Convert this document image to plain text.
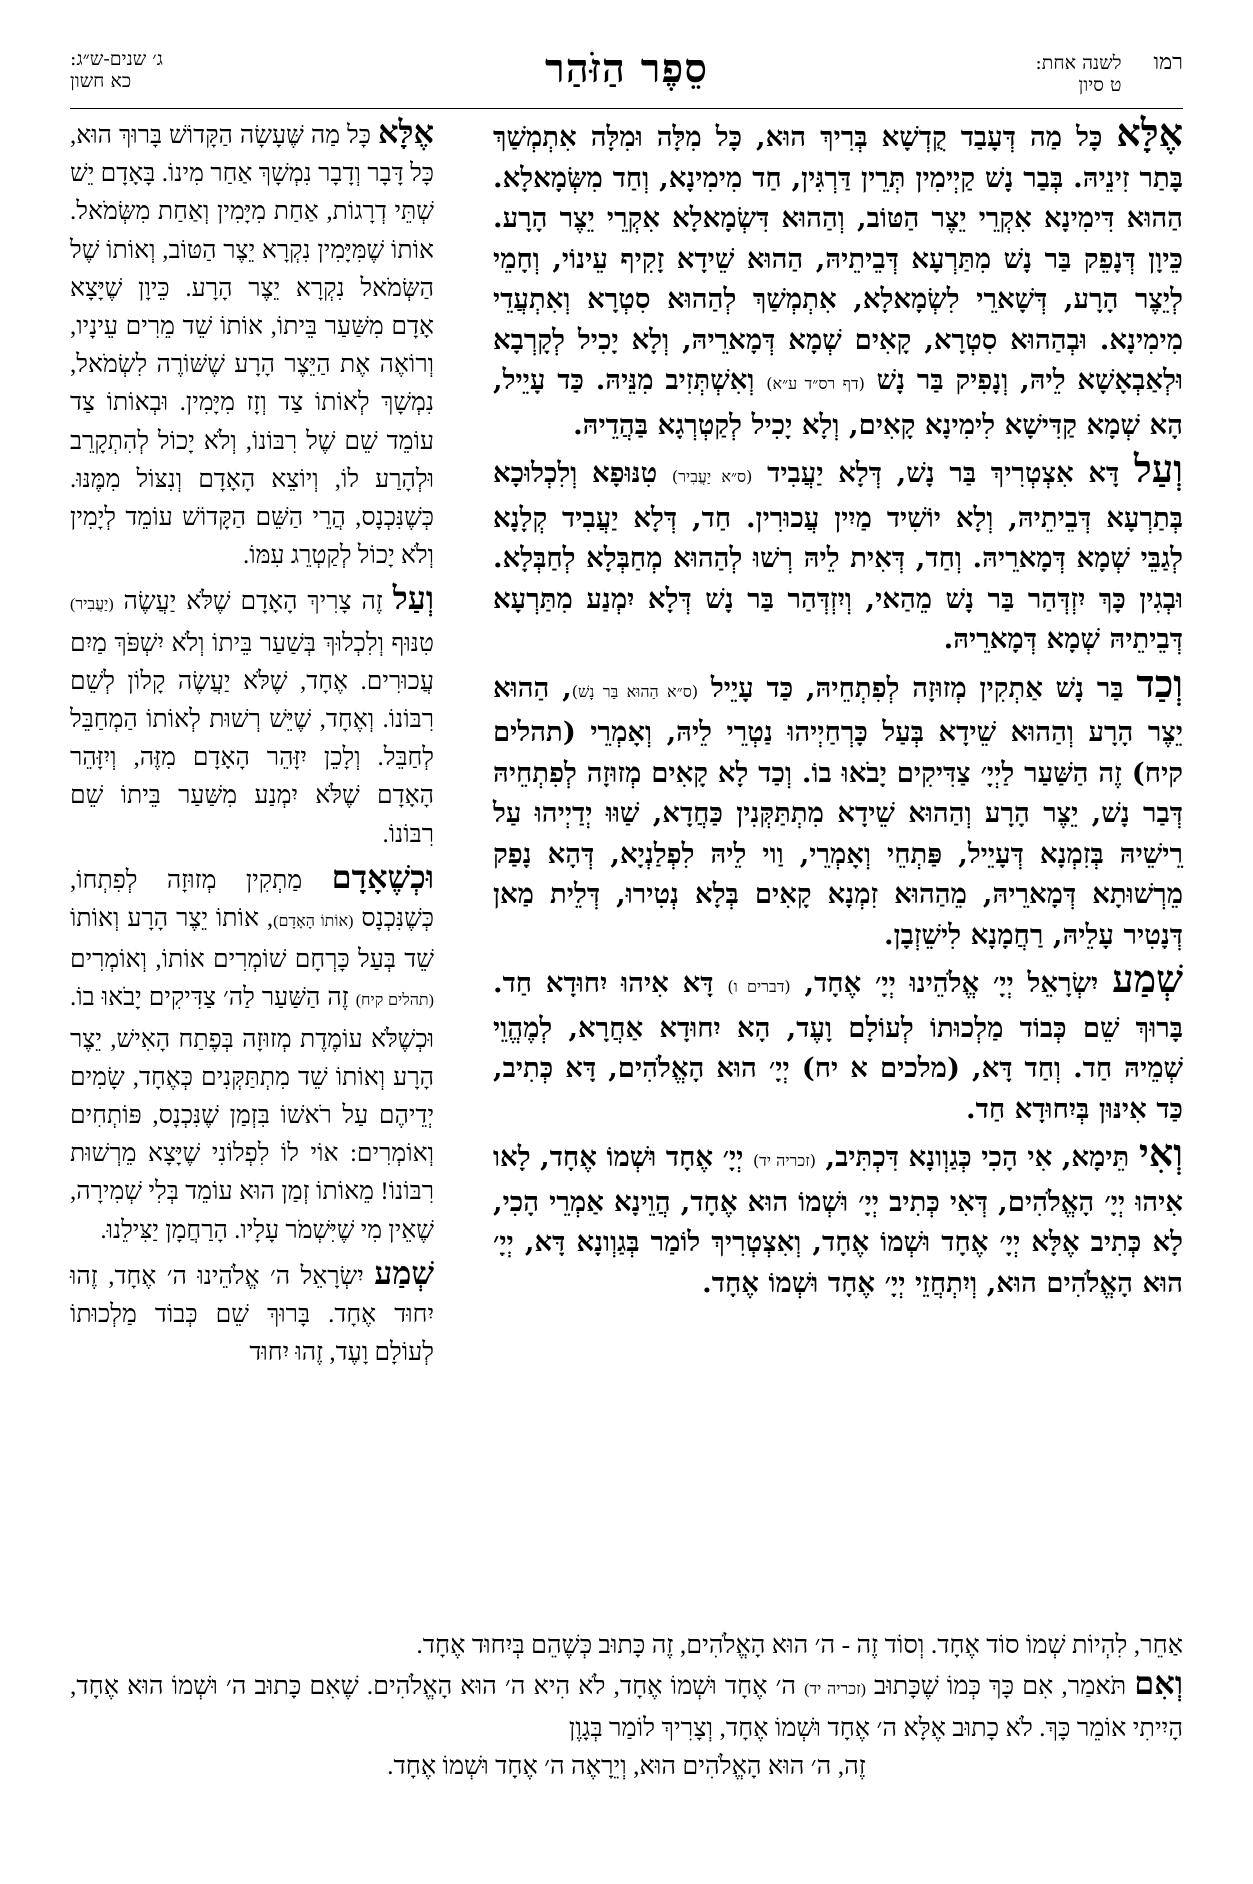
רמו
לשנה אחת:
ט סיון
סֵפֶר הַזֹּהַר
ג׳ שנים-ש״ג:
כא חשון

אֶלָּא כָּל מַה דְּעָבַד קֻדְשָׁא בְּרִיךְ הוּא, כָּל מִלָּה וּמִלָּה אִתְמְשַׁךְ בָּתַר זִינֵיהּ. בְּבַר נָשׁ קַיְימִין תְּרֵין דַּרְגִּין, חַד מִימִינָא, וְחַד מִשְּׂמָאלָא. הַהוּא דִּימִינָא אִקְרֵי יֵצֶר הַטּוֹב, וְהַהוּא דִּשְׂמָאלָא אִקְרֵי יֵצֶר הָרָע. כֵּיוָן דְּנָפֵק בַּר נָשׁ מִתַּרְעָא דְּבֵיתֵיהּ, הַהוּא שֵׁידָא זָקִיף עֵינוֹי, וְחָמֵי לְיֵצֶר הָרָע, דְּשָׁארֵי לִשְׂמָאלָא, אִתְמְשַׁךְ לְהַהוּא סִטְרָא וְאִתְעֲדֵי מִימִינָא. וּבְהַהוּא סִטְרָא, קָאִים שְׁמָא דְּמָארֵיהּ, וְלָא יָכִיל לְקָרְבָא וּלְאַבְאָשָׁא לֵיהּ, וְנָפִיק בַּר נָשׁ (דף רס״ד ע״א) וְאִשְׁתְּזִיב מִנֵּיהּ. כַּד עָיֵיל, הָא שְׁמָא קַדִּישָׁא לִימִינָא קָאִים, וְלָא יָכִיל לְקַטְרְגָא בַּהֲדֵיהּ.

וְעַל דָּא אִצְטְרִיךְ בַּר נָשׁ, דְּלָא יַעֲבִיד (ס״א יַעֲבִיר) טִנּוּפָא וְלִכְלוּכָא בְּתַרְעָא דְּבֵיתֵיהּ, וְלָא יוֹשִׁיד מַיִין עֲכוּרִין. חַד, דְּלָא יַעֲבִיד קְלָנָא לְגַבֵּי שְׁמָא דְּמָארֵיהּ. וְחַד, דְּאִית לֵיהּ רְשׁוּ לְהַהוּא מְחַבְּלָא לְחַבְּלָא. וּבְגִין כָּךְ יִזְדְּהַר בַּר נָשׁ מֵהַאי, וְיִזְדְּהַר בַּר נָשׁ דְּלָא יִמְנַע מִתַּרְעָא דְּבֵיתֵיהּ שְׁמָא דְּמָארֵיהּ.

וְכַד בַּר נָשׁ אַתְקִין מְזוּזָה לְפִתְחֵיהּ, כַּד עָיֵיל (ס״א הַהוּא בַּר נָשׁ), הַהוּא יֵצֶר הָרָע וְהַהוּא שֵׁידָא בְּעַל כָּרְחַיְיהוּ נַטְרֵי לֵיהּ, וְאָמְרֵי (תהלים קיח) זֶה הַשַּׁעַר לַיְיָ׳ צַדִּיקִים יָבֹאוּ בוֹ. וְכַד לָא קָאִים מְזוּזָה לְפִתְחֵיהּ דְּבַר נָשׁ, יֵצֶר הָרָע וְהַהוּא שֵׁידָא מִתְתַּקְּנִין כַּחֲדָא, שַׁוּוּ יְדַיְיהוּ עַל רֵישֵׁיהּ בְּזִמְנָא דְּעָיֵיל, פַּתְחֵי וְאָמְרֵי, וַוי לֵיהּ לִפְלַנְיָא, דְּהָא נָפַק מֵרְשׁוּתָא דְּמָארֵיהּ, מֵהַהוּא זִמְנָא קָאִים בְּלָא נְטִירוּ, דְּלֵית מַאן דְּנָטִיר עָלֵיהּ, רַחֲמָנָא לִישֵׁזְבָן.

שְׁמַע יִשְׂרָאֵל יְיָ׳ אֱלֹהֵינוּ יְיָ׳ אֶחָד, (דברים ו) דָּא אִיהוּ יִחוּדָא חַד. בָּרוּךְ שֵׁם כְּבוֹד מַלְכוּתוֹ לְעוֹלָם וָעֶד, הָא יִחוּדָא אַחֲרָא, לְמֶהֱוֵי שְׁמֵיהּ חַד. וְחַד דָּא, (מלכים א יח) יְיָ׳ הוּא הָאֱלֹהִים, דָּא כְּתִיב, כַּד אִינּוּן בְּיִחוּדָא חַד.

וְאִי תֵּימָא, אִי הָכִי כְּגַוְונָא דִּכְתִּיב, (זכריה יד) יְיָ׳ אֶחָד וּשְׁמוֹ אֶחָד, לָאו אִיהוּ יְיָ׳ הָאֱלֹהִים, דְּאִי כְּתִיב יְיָ׳ וּשְׁמוֹ הוּא אֶחָד, הֲוֵינָא אַמְרֵי הָכִי, לָא כְּתִיב אֶלָּא יְיָ׳ אֶחָד וּשְׁמוֹ אֶחָד, וְאִצְטְרִיךְ לוֹמַר בְּגַוְונָא דָּא, יְיָ׳ הוּא הָאֱלֹהִים הוּא, וְיִתְחֲזֵי יְיָ׳ אֶחָד וּשְׁמוֹ אֶחָד.

אֶלָּא כָּל מַה שֶּׁעָשָׂה הַקָּדוֹשׁ בָּרוּךְ הוּא, כָּל דָּבָר וְדָבָר נִמְשָׁךְ אַחַר מִינוֹ. בָּאָדָם יֵשׁ שְׁתֵּי דְרָגוֹת, אַחַת מִיָּמִין וְאַחַת מִשְּׂמֹאל. אוֹתוֹ שֶׁמִּיָּמִין נִקְרָא יֵצֶר הַטּוֹב, וְאוֹתוֹ שֶׁל הַשְּׂמֹאל נִקְרָא יֵצֶר הָרָע. כֵּיוָן שֶׁיָּצָא אָדָם מִשַּׁעַר בֵּיתוֹ, אוֹתוֹ שֵׁד מֵרִים עֵינָיו, וְרוֹאֶה אֶת הַיֵּצֶר הָרָע שֶׁשּׁוֹרֶה לִשְׂמֹאל, נִמְשָׁךְ לְאוֹתוֹ צַד וְזָז מִיָּמִין. וּבְאוֹתוֹ צַד עוֹמֵד שֵׁם שֶׁל רִבּוֹנוֹ, וְלֹא יָכוֹל לְהִתְקָרֵב וּלְהָרַע לוֹ, וְיוֹצֵא הָאָדָם וְנִצּוֹל מִמֶּנּוּ. כְּשֶׁנִּכְנָס, הֲרֵי הַשֵּׁם הַקָּדוֹשׁ עוֹמֵד לְיָמִין וְלֹא יָכוֹל לְקַטְרֵג עִמּוֹ.

וְעַל זֶה צָרִיךְ הָאָדָם שֶׁלֹּא יַעֲשֶׂה (יַעֲבִיר) טִנּוּף וְלִכְלוּךְ בְּשַׁעַר בֵּיתוֹ וְלֹא יִשְׁפֹּךְ מַיִם עֲכוּרִים. אֶחָד, שֶׁלֹּא יַעֲשֶׂה קָלוֹן לְשֵׁם רִבּוֹנוֹ. וְאֶחָד, שֶׁיֵּשׁ רְשׁוּת לְאוֹתוֹ הַמְחַבֵּל לְחַבֵּל. וְלָכֵן יִזָּהֵר הָאָדָם מִזֶּה, וְיִזָּהֵר הָאָדָם שֶׁלֹּא יִמְנַע מִשַּׁעַר בֵּיתוֹ שֵׁם רִבּוֹנוֹ.

וּכְשֶׁאָדָם מַתְקִין מְזוּזָה לְפִתְחוֹ, כְּשֶׁנִּכְנָס (אוֹתוֹ הָאָדָם), אוֹתוֹ יֵצֶר הָרָע וְאוֹתוֹ שֵׁד בְּעַל כָּרְחָם שׁוֹמְרִים אוֹתוֹ, וְאוֹמְרִים (תהלים קיח) זֶה הַשַּׁעַר לַה׳ צַדִּיקִים יָבֹאוּ בוֹ. וּכְשֶׁלֹּא עוֹמֶדֶת מְזוּזָה בְּפֶתַח הָאִישׁ, יֵצֶר הָרָע וְאוֹתוֹ שֵׁד מִתְתַּקְּנִים כְּאֶחָד, שָׂמִים יְדֵיהֶם עַל רֹאשׁוֹ בִּזְמַן שֶׁנִּכְנָס, פּוֹתְחִים וְאוֹמְרִים: אוֹי לוֹ לִפְלוֹנִי שֶׁיָּצָא מֵרְשׁוּת רִבּוֹנוֹ! מֵאוֹתוֹ זְמַן הוּא עוֹמֵד בְּלִי שְׁמִירָה, שֶׁאֵין מִי שֶׁיִּשְׁמֹר עָלָיו. הָרַחֲמָן יַצִּילֵנוּ.

שְׁמַע יִשְׂרָאֵל ה׳ אֱלֹהֵינוּ ה׳ אֶחָד, זֶהוּ יִחוּד אֶחָד. בָּרוּךְ שֵׁם כְּבוֹד מַלְכוּתוֹ לְעוֹלָם וָעֶד, זֶהוּ יִחוּד

אַחֵר, לִהְיוֹת שְׁמוֹ סוֹד אֶחָד. וְסוֹד זֶה - ה׳ הוּא הָאֱלֹהִים, זֶה כָּתוּב כְּשֶׁהֵם בְּיִחוּד אֶחָד.
וְאִם תֹּאמַר, אִם כָּךְ כְּמוֹ שֶׁכָּתוּב (זכריה יד) ה׳ אֶחָד וּשְׁמוֹ אֶחָד, לֹא הִיא ה׳ הוּא הָאֱלֹהִים. שֶׁאִם כָּתוּב ה׳ וּשְׁמוֹ הוּא אֶחָד, הָיִיתִי אוֹמֵר כָּךְ. לֹא כָתוּב אֶלָּא ה׳ אֶחָד וּשְׁמוֹ אֶחָד, וְצָרִיךְ לוֹמַר בְּגָוֶן
זֶה, ה׳ הוּא הָאֱלֹהִים הוּא, וְיֵרָאֶה ה׳ אֶחָד וּשְׁמוֹ אֶחָד.
